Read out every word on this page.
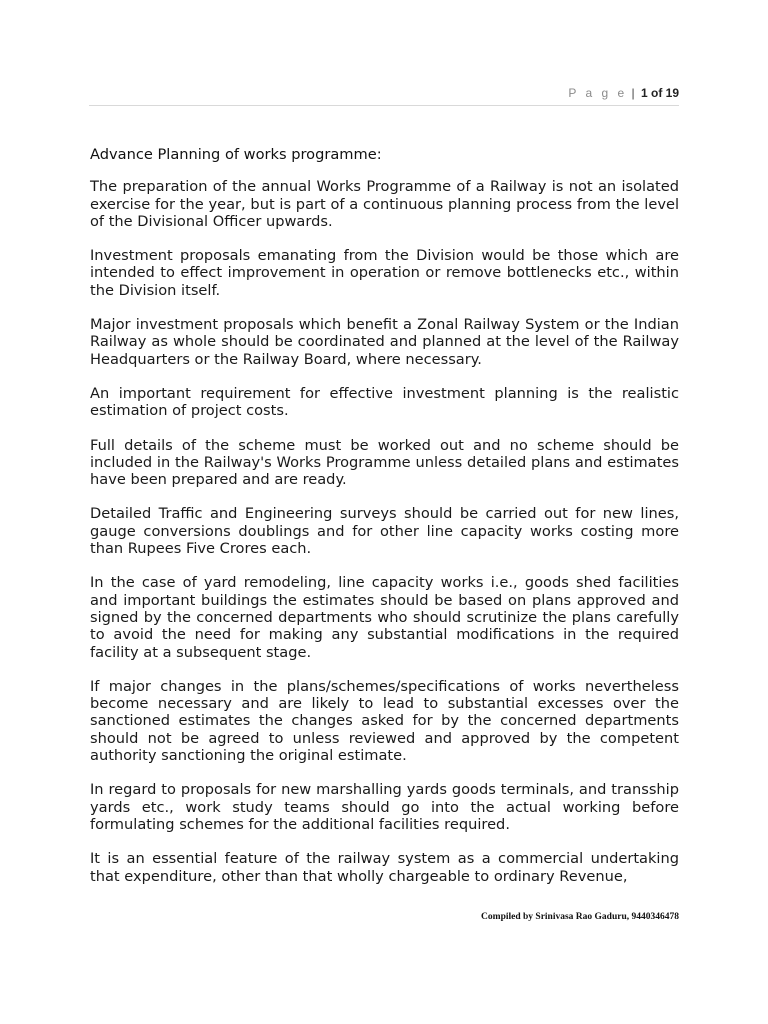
P a g e | 1 of 19

Advance Planning of works programme:

The preparation of the annual Works Programme of a Railway is not an isolated exercise for the year, but is part of a continuous planning process from the level of the Divisional Officer upwards.

Investment proposals emanating from the Division would be those which are intended to effect improvement in operation or remove bottlenecks etc., within the Division itself.

Major investment proposals which benefit a Zonal Railway System or the Indian Railway as whole should be coordinated and planned at the level of the Railway Headquarters or the Railway Board, where necessary.

An important requirement for effective investment planning is the realistic estimation of project costs.

Full details of the scheme must be worked out and no scheme should be included in the Railway's Works Programme unless detailed plans and estimates have been prepared and are ready.

Detailed Traffic and Engineering surveys should be carried out for new lines, gauge conversions doublings and for other line capacity works costing more than Rupees Five Crores each.

In the case of yard remodeling, line capacity works i.e., goods shed facilities and important buildings the estimates should be based on plans approved and signed by the concerned departments who should scrutinize the plans carefully to avoid the need for making any substantial modifications in the required facility at a subsequent stage.

If major changes in the plans/schemes/specifications of works nevertheless become necessary and are likely to lead to substantial excesses over the sanctioned estimates the changes asked for by the concerned departments should not be agreed to unless reviewed and approved by the competent authority sanctioning the original estimate.

In regard to proposals for new marshalling yards goods terminals, and transship yards etc., work study teams should go into the actual working before formulating schemes for the additional facilities required.

It is an essential feature of the railway system as a commercial undertaking that expenditure, other than that wholly chargeable to ordinary Revenue,

Compiled by Srinivasa Rao Gaduru, 9440346478
